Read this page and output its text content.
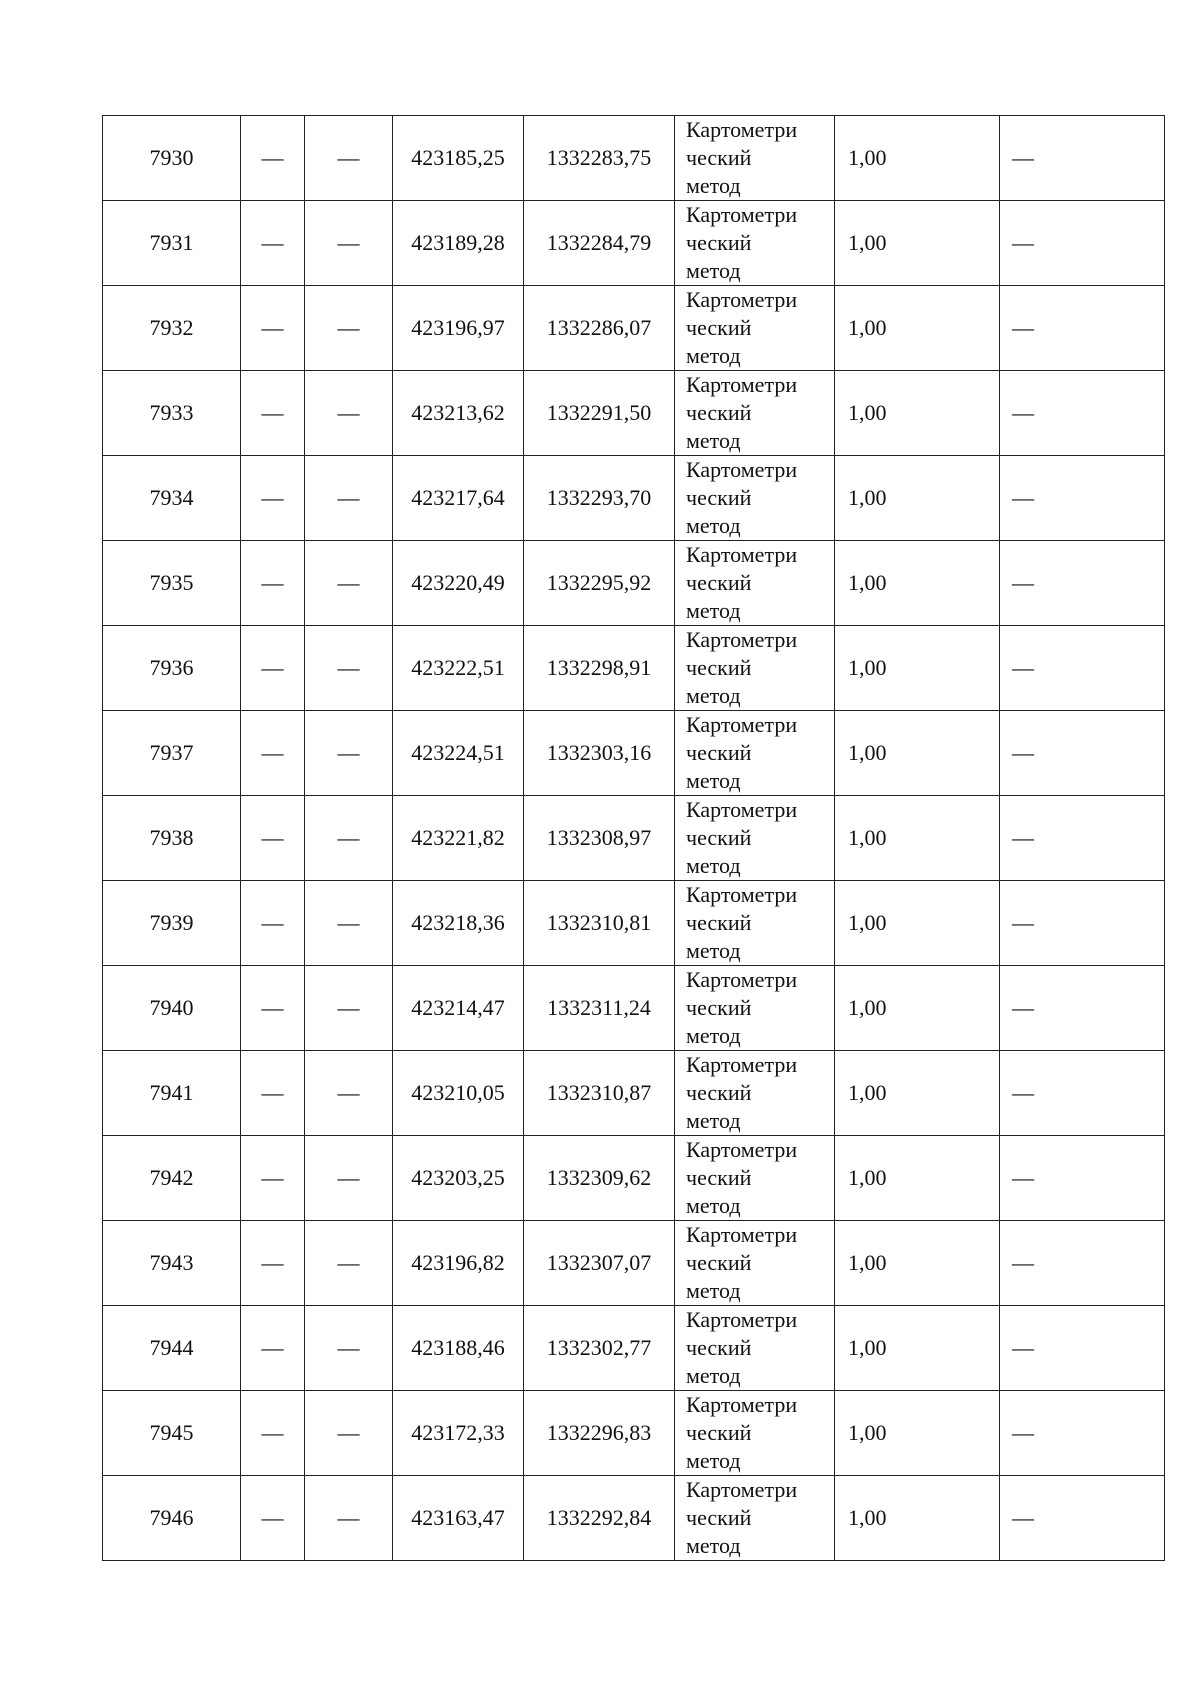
7930	—	—	423185,25	1332283,75	Картометри
ческий
метод	1,00	—
7931	—	—	423189,28	1332284,79	Картометри
ческий
метод	1,00	—
7932	—	—	423196,97	1332286,07	Картометри
ческий
метод	1,00	—
7933	—	—	423213,62	1332291,50	Картометри
ческий
метод	1,00	—
7934	—	—	423217,64	1332293,70	Картометри
ческий
метод	1,00	—
7935	—	—	423220,49	1332295,92	Картометри
ческий
метод	1,00	—
7936	—	—	423222,51	1332298,91	Картометри
ческий
метод	1,00	—
7937	—	—	423224,51	1332303,16	Картометри
ческий
метод	1,00	—
7938	—	—	423221,82	1332308,97	Картометри
ческий
метод	1,00	—
7939	—	—	423218,36	1332310,81	Картометри
ческий
метод	1,00	—
7940	—	—	423214,47	1332311,24	Картометри
ческий
метод	1,00	—
7941	—	—	423210,05	1332310,87	Картометри
ческий
метод	1,00	—
7942	—	—	423203,25	1332309,62	Картометри
ческий
метод	1,00	—
7943	—	—	423196,82	1332307,07	Картометри
ческий
метод	1,00	—
7944	—	—	423188,46	1332302,77	Картометри
ческий
метод	1,00	—
7945	—	—	423172,33	1332296,83	Картометри
ческий
метод	1,00	—
7946	—	—	423163,47	1332292,84	Картометри
ческий
метод	1,00	—
